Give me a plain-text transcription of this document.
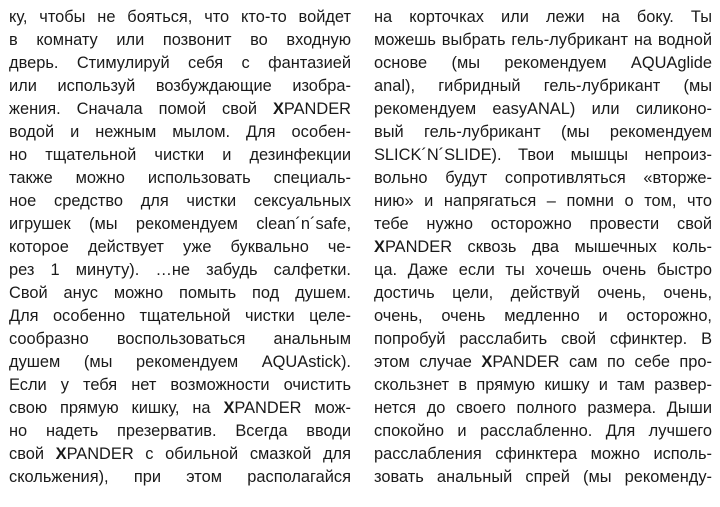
ку, чтобы не бояться, что кто-то войдет
в комнату или позвонит во входную
дверь. Стимулируй себя с фантазией
или используй возбуждающие изобра-
жения. Сначала помой свой XPANDER
водой и нежным мылом. Для особен-
но тщательной чистки и дезинфекции
также можно использовать специаль-
ное средство для чистки сексуальных
игрушек (мы рекомендуем clean´n´safe,
которое действует уже буквально че-
рез 1 минуту). …не забудь салфетки.
Свой анус можно помыть под душем.
Для особенно тщательной чистки целе-
сообразно воспользоваться анальным
душем (мы рекомендуем AQUAstick).
Если у тебя нет возможности очистить
свою прямую кишку, на XPANDER мож-
но надеть презерватив. Всегда вводи
свой XPANDER с обильной смазкой для
скольжения), при этом располагайся
на корточках или лежи на боку. Ты
можешь выбрать гель-лубрикант на водной
основе (мы рекомендуем AQUAglide
anal), гибридный гель-лубрикант (мы
рекомендуем easyANAL) или силиконо-
вый гель-лубрикант (мы рекомендуем
SLICK´N´SLIDE). Твои мышцы непроиз-
вольно будут сопротивляться «вторже-
нию» и напрягаться – помни о том, что
тебе нужно осторожно провести свой
XPANDER сквозь два мышечных коль-
ца. Даже если ты хочешь очень быстро
достичь цели, действуй очень, очень,
очень, очень медленно и осторожно,
попробуй расслабить свой сфинктер. В
этом случае XPANDER сам по себе про-
скользнет в прямую кишку и там развер-
нется до своего полного размера. Дыши
спокойно и расслабленно. Для лучшего
расслабления сфинктера можно исполь-
зовать анальный спрей (мы рекоменду-
